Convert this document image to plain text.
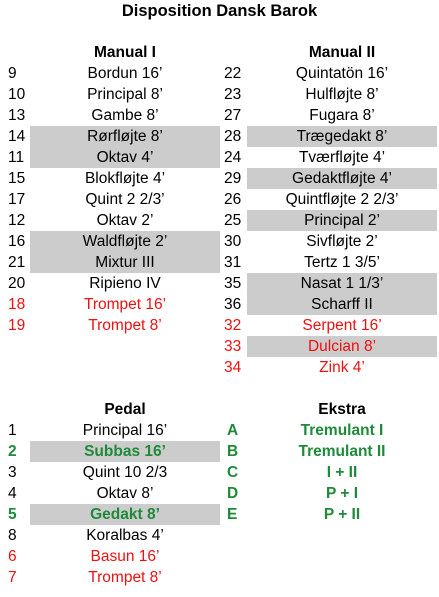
Disposition Dansk Barok
Manual I	Manual II
Pedal	Ekstra
9	Bordun 16’
10	Principal 8’
13	Gambe 8’
14	Rørfløjte 8’
11	Oktav 4’
15	Blokfløjte 4’
17	Quint 2 2/3’
12	Oktav 2’
16	Waldfløjte 2’
21	Mixtur III
20	Ripieno IV
18	Trompet 16’
19	Trompet 8’
22	Quintatön 16’
23	Hulfløjte 8’
27	Fugara 8’
28	Trægedakt 8’
24	Tværfløjte 4’
29	Gedaktfløjte 4’
26	Quintfløjte 2 2/3’
25	Principal 2’
30	Sivfløjte 2’
31	Tertz 1 3/5’
35	Nasat 1 1/3’
36	Scharff II
32	Serpent 16’
33	Dulcian 8’
34	Zink 4’
1	Principal 16’
2	Subbas 16’
3	Quint 10 2/3
4	Oktav 8’
5	Gedakt 8’
8	Koralbas 4’
6	Basun 16’
7	Trompet 8’
A	Tremulant I
B	Tremulant II
C	I + II
D	P + I
E	P + II
